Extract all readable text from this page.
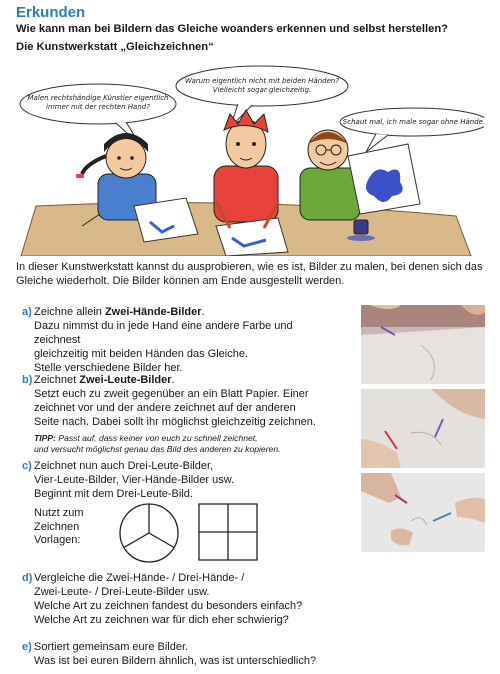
Erkunden
Wie kann man bei Bildern das Gleiche woanders erkennen und selbst herstellen?
Die Kunstwerkstatt „Gleichzeichnen“
Malen rechtshändige Künstler eigentlich
immer mit der rechten Hand?
Warum eigentlich nicht mit beiden Händen?
Vielleicht sogar gleichzeitig.
Schaut mal, ich male sogar ohne Hände.
In dieser Kunstwerkstatt kannst du ausprobieren, wie es ist, Bilder zu malen, bei denen sich das Gleiche wiederholt. Die Bilder können am Ende ausgestellt werden.
a) Zeichne allein Zwei-Hände-Bilder.
Dazu nimmst du in jede Hand eine andere Farbe und zeichnest
gleichzeitig mit beiden Händen das Gleiche.
Stelle verschiedene Bilder her.
b) Zeichnet Zwei-Leute-Bilder.
Setzt euch zu zweit gegenüber an ein Blatt Papier. Einer
zeichnet vor und der andere zeichnet auf der anderen
Seite nach. Dabei sollt ihr möglichst gleichzeitig zeichnen.
TIPP: Passt auf, dass keiner von euch zu schnell zeichnet,
und versucht möglichst genau das Bild des anderen zu kopieren.
c) Zeichnet nun auch Drei-Leute-Bilder,
Vier-Leute-Bilder, Vier-Hände-Bilder usw.
Beginnt mit dem Drei-Leute-Bild.
Nutzt zum
Zeichnen
Vorlagen:
d) Vergleiche die Zwei-Hände- / Drei-Hände- /
Zwei-Leute- / Drei-Leute-Bilder usw.
Welche Art zu zeichnen fandest du besonders einfach?
Welche Art zu zeichnen war für dich eher schwierig?
e) Sortiert gemeinsam eure Bilder.
Was ist bei euren Bildern ähnlich, was ist unterschiedlich?
